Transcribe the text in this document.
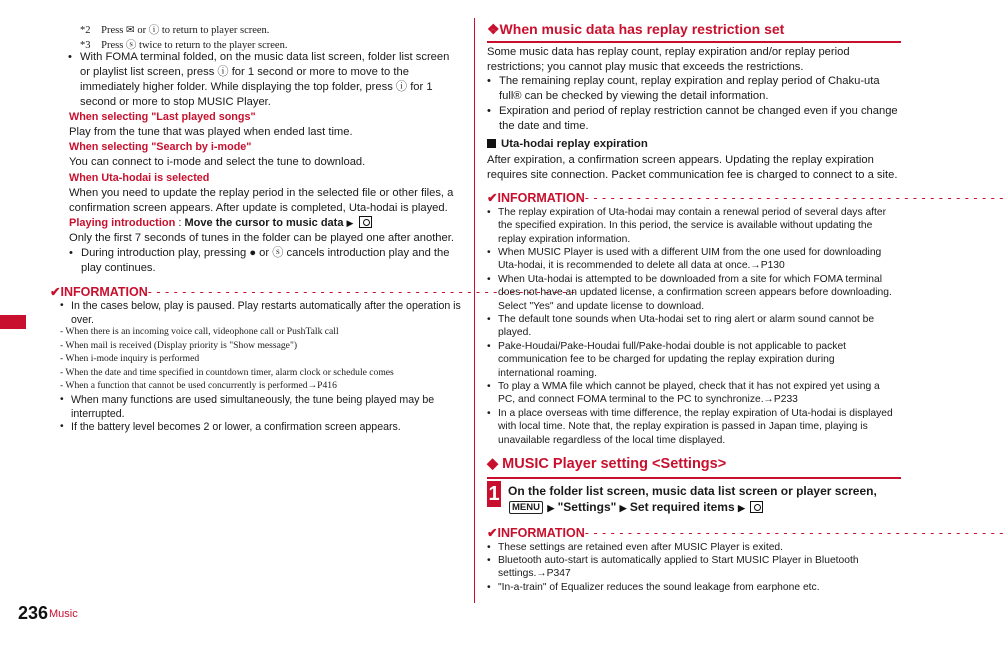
*2 Press ✉ or ⓘ to return to player screen.
*3 Press ⓢ twice to return to the player screen.
• With FOMA terminal folded, on the music data list screen, folder list screen
or playlist list screen, press ⓘ for 1 second or more to move to the
immediately higher folder. While displaying the top folder, press ⓘ for 1
second or more to stop MUSIC Player.
When selecting "Last played songs"
Play from the tune that was played when ended last time.
When selecting "Search by i-mode"
You can connect to i-mode and select the tune to download.
When Uta-hodai is selected
When you need to update the replay period in the selected file or other files, a
confirmation screen appears. After update is completed, Uta-hodai is played.
Playing introduction : Move the cursor to music data ▶
Only the first 7 seconds of tunes in the folder can be played one after another.
• During introduction play, pressing ● or ⓢ cancels introduction play and the
play continues.
✔INFORMATION- - - - - - - - - - - - - - - - - - - - - - - - - - - - - - - - - - - - - - - - - - - - - - - - - -
• In the cases below, play is paused. Play restarts automatically after the operation is
over.
- When there is an incoming voice call, videophone call or PushTalk call
- When mail is received (Display priority is "Show message")
- When i-mode inquiry is performed
- When the date and time specified in countdown timer, alarm clock or schedule comes
- When a function that cannot be used concurrently is performed→P416
• When many functions are used simultaneously, the tune being played may be
interrupted.
• If the battery level becomes 2 or lower, a confirmation screen appears.
❖When music data has replay restriction set
Some music data has replay count, replay expiration and/or replay period
restrictions; you cannot play music that exceeds the restrictions.
• The remaining replay count, replay expiration and replay period of Chaku-uta
full® can be checked by viewing the detail information.
• Expiration and period of replay restriction cannot be changed even if you change
the date and time.
Uta-hodai replay expiration
After expiration, a confirmation screen appears. Updating the replay expiration
requires site connection. Packet communication fee is charged to connect to a site.
✔INFORMATION- - - - - - - - - - - - - - - - - - - - - - - - - - - - - - - - - - - - - - - - - - - - - - - - -
• The replay expiration of Uta-hodai may contain a renewal period of several days after
the specified expiration. In this period, the service is available without updating the
replay expiration information.
• When MUSIC Player is used with a different UIM from the one used for downloading
Uta-hodai, it is recommended to delete all data at once.→P130
• When Uta-hodai is attempted to be downloaded from a site for which FOMA terminal
does not have an updated license, a confirmation screen appears before downloading.
Select "Yes" and update license to download.
• The default tone sounds when Uta-hodai set to ring alert or alarm sound cannot be
played.
• Pake-Houdai/Pake-Houdai full/Pake-hodai double is not applicable to packet
communication fee to be charged for updating the replay expiration during
international roaming.
• To play a WMA file which cannot be played, check that it has not expired yet using a
PC, and connect FOMA terminal to the PC to synchronize.→P233
• In a place overseas with time difference, the replay expiration of Uta-hodai is displayed
with local time. Note that, the replay expiration is passed in Japan time, playing is
unavailable regardless of the local time displayed.
◆ MUSIC Player setting <Settings>
1 On the folder list screen, music data list screen or player screen,
MENU ▶ "Settings" ▶ Set required items ▶
✔INFORMATION- - - - - - - - - - - - - - - - - - - - - - - - - - - - - - - - - - - - - - - - - - - - - - - - -
• These settings are retained even after MUSIC Player is exited.
• Bluetooth auto-start is automatically applied to Start MUSIC Player in Bluetooth
settings.→P347
• "In-a-train" of Equalizer reduces the sound leakage from earphone etc.
236 Music
